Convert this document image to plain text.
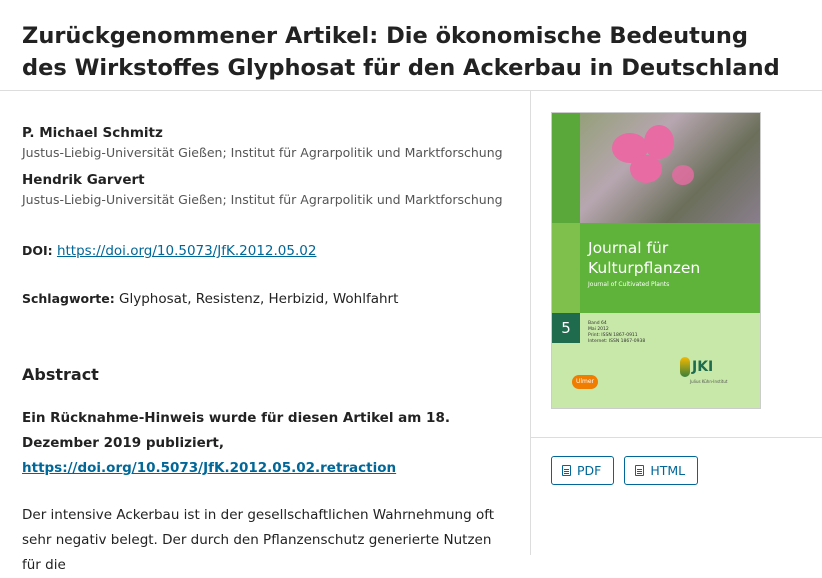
Zurückgenommener Artikel: Die ökonomische Bedeutung des Wirkstoffes Glyphosat für den Ackerbau in Deutschland
P. Michael Schmitz
Justus-Liebig-Universität Gießen; Institut für Agrarpolitik und Marktforschung
Hendrik Garvert
Justus-Liebig-Universität Gießen; Institut für Agrarpolitik und Marktforschung
DOI: https://doi.org/10.5073/JfK.2012.05.02
Schlagworte: Glyphosat, Resistenz, Herbizid, Wohlfahrt
Abstract
Ein Rücknahme-Hinweis wurde für diesen Artikel am 18. Dezember 2019 publiziert, https://doi.org/10.5073/JfK.2012.05.02.retraction
Der intensive Ackerbau ist in der gesellschaftlichen Wahrnehmung oft sehr negativ belegt. Der durch den Pflanzenschutz generierte Nutzen für die
Journal für Kulturpflanzen
Journal of Cultivated Plants
5	Band 64
Mai 2012
Print: ISSN 1867-0911
Internet: ISSN 1867-0938
Ulmer
JKI
Julius Kühn-Institut
PDF	HTML
